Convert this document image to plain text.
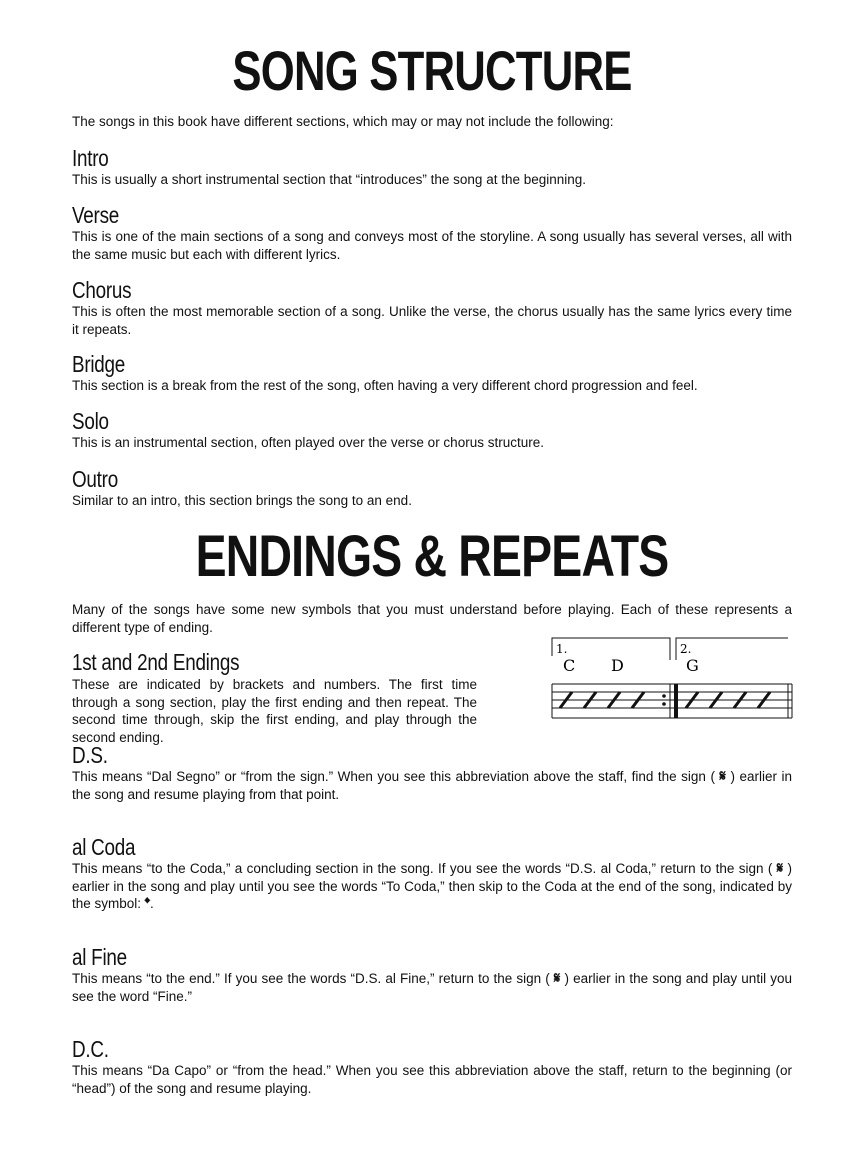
SONG STRUCTURE

The songs in this book have different sections, which may or may not include the following:

Intro

This is usually a short instrumental section that “introduces” the song at the beginning.

Verse

This is one of the main sections of a song and conveys most of the storyline. A song usually has several verses, all with the same music but each with different lyrics.

Chorus

This is often the most memorable section of a song. Unlike the verse, the chorus usually has the same lyrics every time it repeats.

Bridge

This section is a break from the rest of the song, often having a very different chord progression and feel.

Solo

This is an instrumental section, often played over the verse or chorus structure.

Outro

Similar to an intro, this section brings the song to an end.

ENDINGS & REPEATS

Many of the songs have some new symbols that you must understand before playing. Each of these represents a different type of ending.

1st and 2nd Endings

These are indicated by brackets and numbers. The first time through a song section, play the first ending and then repeat. The second time through, skip the first ending, and play through the second ending.

1.	2.
C D	G
D.S.

This means “Dal Segno” or “from the sign.” When you see this abbreviation above the staff, find the sign ( 𝄋 ) earlier in the song and resume playing from that point.

al Coda

This means “to the Coda,” a concluding section in the song. If you see the words “D.S. al Coda,” return to the sign ( 𝄋 ) earlier in the song and play until you see the words “To Coda,” then skip to the Coda at the end of the song, indicated by the symbol: 𝄌.

al Fine

This means “to the end.” If you see the words “D.S. al Fine,” return to the sign ( 𝄋 ) earlier in the song and play until you see the word “Fine.”

D.C.

This means “Da Capo” or “from the head.” When you see this abbreviation above the staff, return to the beginning (or “head”) of the song and resume playing.
